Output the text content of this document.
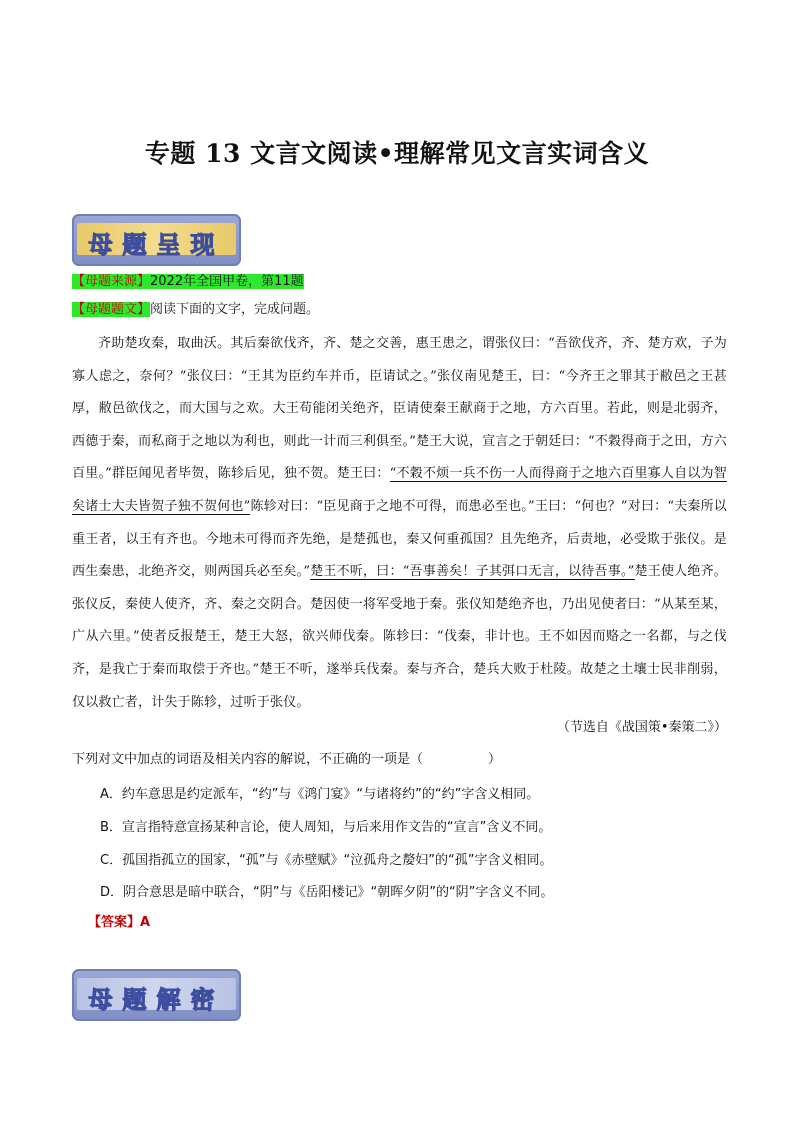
专题 13 文言文阅读•理解常见文言实词含义
母题呈现
【母题来源】2022年全国甲卷，第11题
【母题题文】阅读下面的文字，完成问题。

齐助楚攻秦，取曲沃。其后秦欲伐齐，齐、楚之交善，惠王患之，谓张仪曰：“吾欲伐齐，齐、楚方欢，子为寡人虑之，奈何？”张仪曰：“王其为臣约车并币，臣请试之。”张仪南见楚王，曰：“今齐王之罪其于敝邑之王甚厚，敝邑欲伐之，而大国与之欢。大王苟能闭关绝齐，臣请使秦王献商于之地，方六百里。若此，则是北弱齐，西德于秦，而私商于之地以为利也，则此一计而三利俱至。”楚王大说，宣言之于朝廷曰：“不穀得商于之田，方六百里。”群臣闻见者毕贺，陈轸后见，独不贺。楚王曰：“不穀不烦一兵不伤一人而得商于之地六百里寡人自以为智矣诸士大夫皆贺子独不贺何也”陈轸对曰：“臣见商于之地不可得，而患必至也。”王曰：“何也？”对曰：“夫秦所以重王者，以王有齐也。今地未可得而齐先绝，是楚孤也，秦又何重孤国？且先绝齐，后责地，必受欺于张仪。是西生秦患，北绝齐交，则两国兵必至矣。”楚王不听，曰：“吾事善矣！子其弭口无言，以待吾事。”楚王使人绝齐。张仪反，秦使人使齐，齐、秦之交阴合。楚因使一将军受地于秦。张仪知楚绝齐也，乃出见使者曰：“从某至某，广从六里。”使者反报楚王，楚王大怒，欲兴师伐秦。陈轸曰：“伐秦，非计也。王不如因而赂之一名都，与之伐齐，是我亡于秦而取偿于齐也。”楚王不听，遂举兵伐秦。秦与齐合，楚兵大败于杜陵。故楚之土壤士民非削弱，仅以救亡者，计失于陈轸，过听于张仪。

（节选自《战国策•秦策二》）
下列对文中加点的词语及相关内容的解说，不正确的一项是（　　　　　）
A．约车意思是约定派车，“约”与《鸿门宴》“与诸将约”的“约”字含义相同。
B．宣言指特意宣扬某种言论，使人周知，与后来用作文告的“宣言”含义不同。
C．孤国指孤立的国家，“孤”与《赤壁赋》“泣孤舟之嫠妇”的“孤”字含义相同。
D．阴合意思是暗中联合，“阴”与《岳阳楼记》“朝晖夕阴”的“阴”字含义不同。
【答案】A
母题解密
